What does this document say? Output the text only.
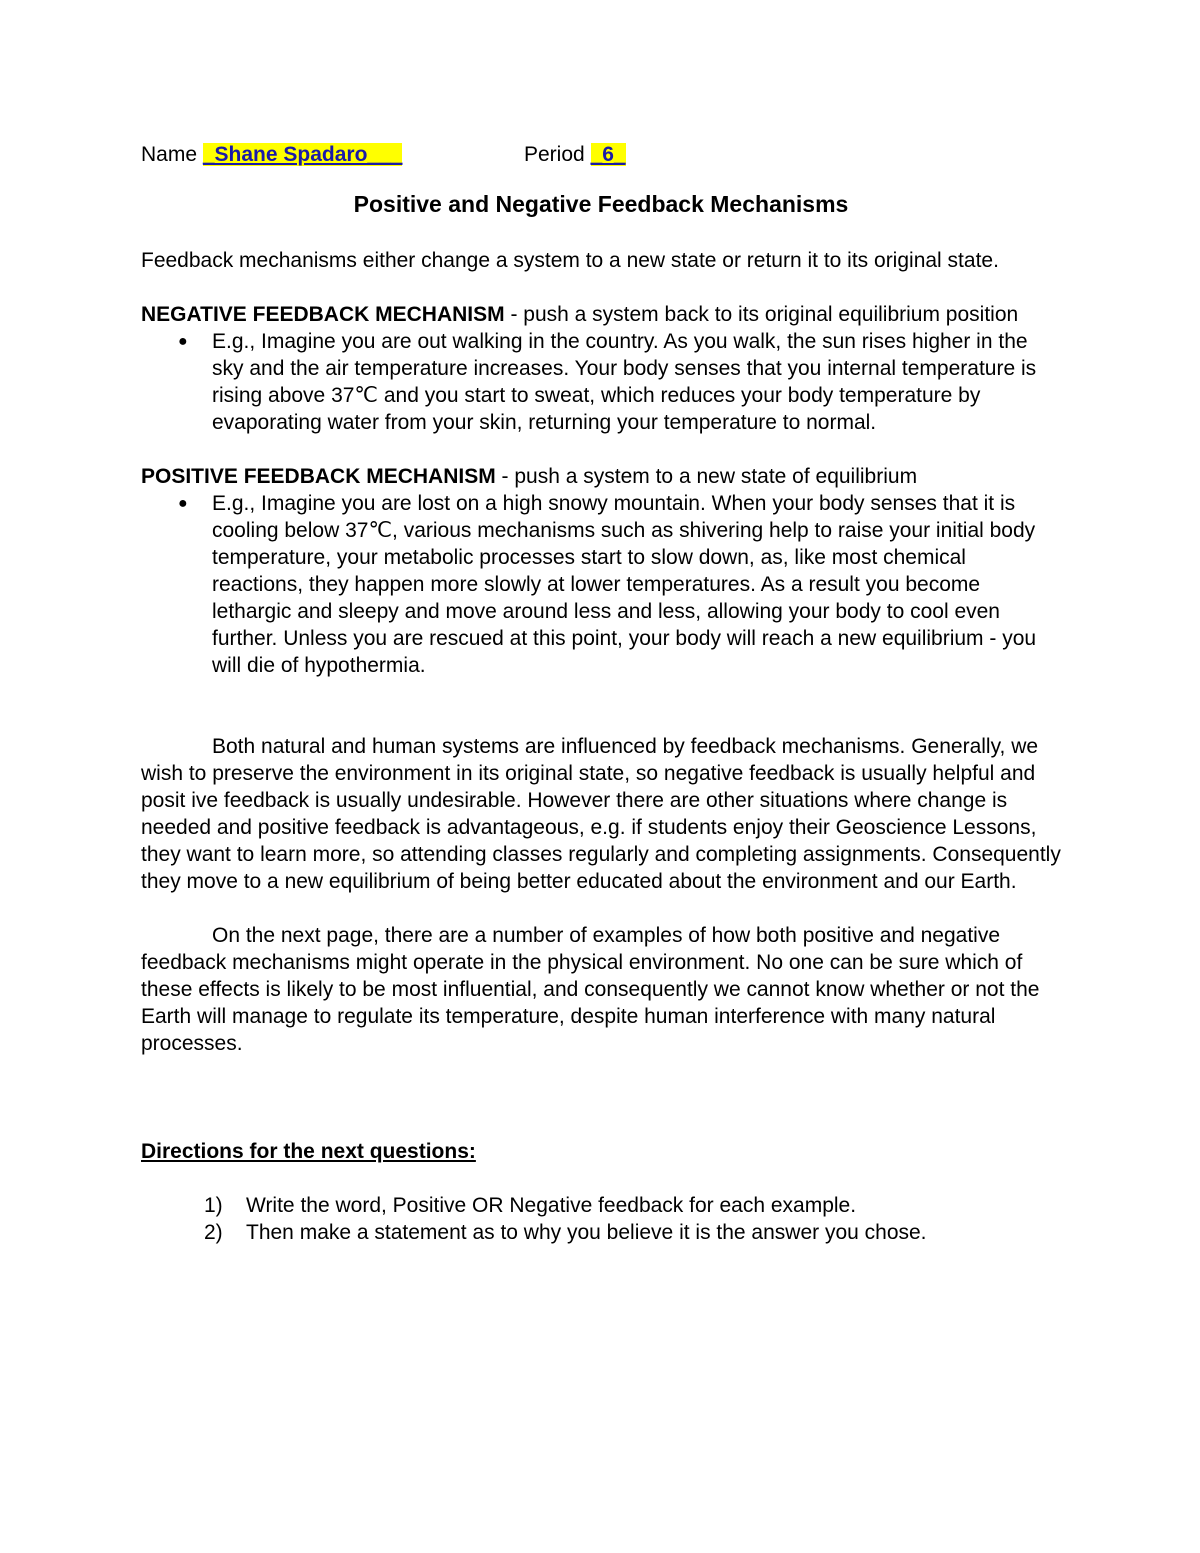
Name _Shane Spadaro___	Period _6_
Positive and Negative Feedback Mechanisms

Feedback mechanisms either change a system to a new state or return it to its original state.

NEGATIVE FEEDBACK MECHANISM - push a system back to its original equilibrium position

● E.g., Imagine you are out walking in the country. As you walk, the sun rises higher in the sky and the air temperature increases. Your body senses that you internal temperature is rising above 37℃ and you start to sweat, which reduces your body temperature by evaporating water from your skin, returning your temperature to normal.

POSITIVE FEEDBACK MECHANISM - push a system to a new state of equilibrium

● E.g., Imagine you are lost on a high snowy mountain. When your body senses that it is cooling below 37℃, various mechanisms such as shivering help to raise your initial body temperature, your metabolic processes start to slow down, as, like most chemical reactions, they happen more slowly at lower temperatures. As a result you become lethargic and sleepy and move around less and less, allowing your body to cool even further. Unless you are rescued at this point, your body will reach a new equilibrium - you will die of hypothermia.

Both natural and human systems are influenced by feedback mechanisms. Generally, we wish to preserve the environment in its original state, so negative feedback is usually helpful and posit ive feedback is usually undesirable. However there are other situations where change is needed and positive feedback is advantageous, e.g. if students enjoy their Geoscience Lessons, they want to learn more, so attending classes regularly and completing assignments. Consequently they move to a new equilibrium of being better educated about the environment and our Earth.

On the next page, there are a number of examples of how both positive and negative feedback mechanisms might operate in the physical environment. No one can be sure which of these effects is likely to be most influential, and consequently we cannot know whether or not the Earth will manage to regulate its temperature, despite human interference with many natural processes.

Directions for the next questions:
1) Write the word, Positive OR Negative feedback for each example.
2) Then make a statement as to why you believe it is the answer you chose.
